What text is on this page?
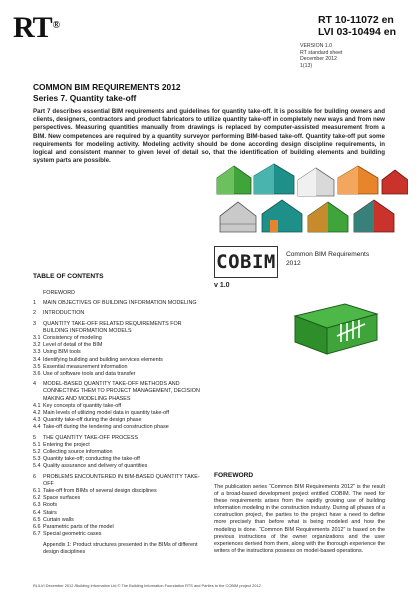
RT®	RT 10-11072 en
LVI 03-10494 en
VERSION 1.0
RT standard sheet
December 2012
1(13)
COMMON BIM REQUIREMENTS 2012
Series 7. Quantity take-off
Part 7 describes essential BIM requirements and guidelines for quantity take-off. It is possible for building owners and clients, designers, contractors and product fabricators to utilize quantity take-off in completely new ways and from new perspectives. Measuring quantities manually from drawings is replaced by computer-assisted measurement from a BIM. New competences are required by a quantity surveyor performing BIM-based take-off. Quantity take-off put some requirements for modeling activity. Modeling activity should be done according design discipline requirements, in logical and consistent manner to given level of detail so, that the identification of building elements and building system parts are possible.
COBIM	Common BIM Requirements
2012
v 1.0
TABLE OF CONTENTS
FOREWORD
1	MAIN OBJECTIVES OF BUILDING INFORMATION MODELING
2	INTRODUCTION
3	QUANTITY TAKE-OFF RELATED REQUIREMENTS FOR BUILDING INFORMATION MODELS
3.1 Consistency of modeling
3.2 Level of detail of the BIM
3.3 Using BIM tools
3.4 Identifying building and building services elements
3.5 Essential measurement information
3.6 Use of software tools and data transfer
4	MODEL-BASED QUANTITY TAKE-OFF METHODS AND CONNECTING THEM TO PROJECT MANAGEMENT, DECISION MAKING AND MODELING PHASES
4.1 Key concepts of quantity take-off
4.2 Main levels of utilizing model data in quantity take-off
4.3 Quantity take-off during the design phase
4.4 Take-off during the tendering and construction phase
5	THE QUANTITY TAKE-OFF PROCESS
5.1 Entering the project
5.2 Collecting source information
5.3 Quantity take-off; conducting the take-off
5.4 Quality assurance and delivery of quantities
6	PROBLEMS ENCOUNTERED IN BIM-BASED QUANTITY TAKE-OFF
6.1 Take-off from BIMs of several design disciplines
6.2 Space surfaces
6.3 Roofs
6.4 Stairs
6.5 Curtain walls
6.6 Parametric parts of the model
6.7 Special geometric cases
Appendix 1: Product structures presented in the BIMs of different design disciplines
FOREWORD
The publication series “Common BIM Requirements 2012” is the result of a broad-based development project entitled COBIM. The need for these requirements arises from the rapidly growing use of building information modeling in the construction industry. During all phases of a construction project, the parties to the project have a need to define more precisely than before what is being modeled and how the modeling is done. “Common BIM Requirements 2012” is based on the previous instructions of the owner organizations and the user experiences derived from them, along with the thorough experience the writers of the instructions possess on model-based operations.
RL/LVI December 2012 /Building Information Ltd © The Building Information Foundation RTS and Parties to the COBIM project 2012
